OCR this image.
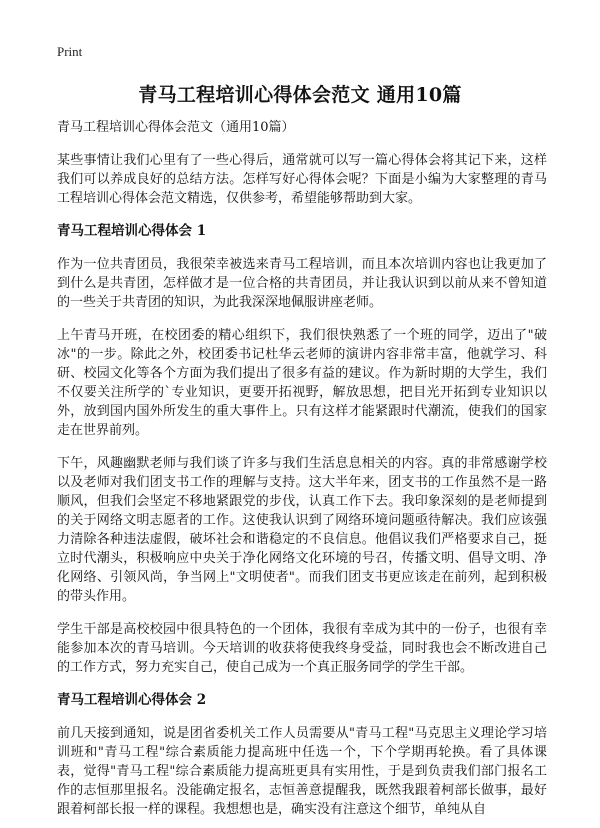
Print
青马工程培训心得体会范文 通用10篇

青马工程培训心得体会范文（通用10篇）

某些事情让我们心里有了一些心得后，通常就可以写一篇心得体会将其记下来，这样我们可以养成良好的总结方法。怎样写好心得体会呢？下面是小编为大家整理的青马工程培训心得体会范文精选，仅供参考，希望能够帮助到大家。

青马工程培训心得体会 1

作为一位共青团员，我很荣幸被选来青马工程培训，而且本次培训内容也让我更加了到什么是共青团，怎样做才是一位合格的共青团员，并让我认识到以前从来不曾知道的一些关于共青团的知识，为此我深深地佩服讲座老师。

上午青马开班，在校团委的精心组织下，我们很快熟悉了一个班的同学，迈出了"破冰"的一步。除此之外，校团委书记杜华云老师的演讲内容非常丰富，他就学习、科研、校园文化等各个方面为我们提出了很多有益的建议。作为新时期的大学生，我们不仅要关注所学的`专业知识，更要开拓视野，解放思想，把目光开拓到专业知识以外，放到国内国外所发生的重大事件上。只有这样才能紧跟时代潮流，使我们的国家走在世界前列。

下午，风趣幽默老师与我们谈了许多与我们生活息息相关的内容。真的非常感谢学校以及老师对我们团支书工作的理解与支持。这大半年来，团支书的工作虽然不是一路顺风，但我们会坚定不移地紧跟党的步伐，认真工作下去。我印象深刻的是老师提到的关于网络文明志愿者的工作。这使我认识到了网络环境问题亟待解决。我们应该强力清除各种违法虚假，破坏社会和谐稳定的不良信息。他倡议我们严格要求自己，挺立时代潮头，积极响应中央关于净化网络文化环境的号召，传播文明、倡导文明、净化网络、引领风尚，争当网上"文明使者"。而我们团支书更应该走在前列，起到积极的带头作用。

学生干部是高校校园中很具特色的一个团体，我很有幸成为其中的一份子，也很有幸能参加本次的青马培训。今天培训的收获将使我终身受益，同时我也会不断改进自己的工作方式，努力充实自己，使自己成为一个真正服务同学的学生干部。

青马工程培训心得体会 2

前几天接到通知，说是团省委机关工作人员需要从"青马工程"马克思主义理论学习培训班和"青马工程"综合素质能力提高班中任选一个，下个学期再轮换。看了具体课表，觉得"青马工程"综合素质能力提高班更具有实用性，于是到负责我们部门报名工作的志恒那里报名。没能确定报名，志恒善意提醒我，既然我跟着柯部长做事，最好跟着柯部长报一样的课程。我想想也是，确实没有注意这个细节，单纯从自
